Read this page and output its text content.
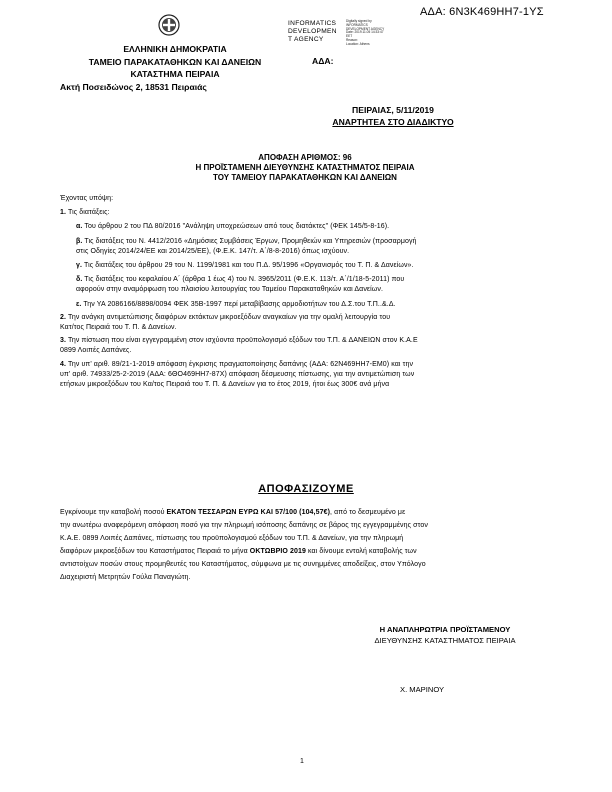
ΑΔΑ: 6Ν3Κ469ΗΗ7-1ΥΣ
INFORMATICS
DEVELOPMEN
T AGENCY
Digitally signed by
INFORMATICS
DEVELOPMENT AGENCY
Date: 2019.11.05 14:33:47
EET
Reason:
Location: Athens
ΕΛΛΗΝΙΚΗ ΔΗΜΟΚΡΑΤΙΑ
ΤΑΜΕΙΟ ΠΑΡΑΚΑΤΑΘΗΚΩΝ ΚΑΙ ΔΑΝΕΙΩΝ
ΚΑΤΑΣΤΗΜΑ ΠΕΙΡΑΙΑ
Ακτή Ποσειδώνος 2, 18531 Πειραιάς
ΑΔΑ:
ΠΕΙΡΑΙΑΣ, 5/11/2019
ΑΝΑΡΤΗΤΕΑ ΣΤΟ ΔΙΑΔΙΚΤΥΟ
ΑΠΟΦΑΣΗ ΑΡΙΘΜΟΣ: 96
Η ΠΡΟΪΣΤΑΜΕΝΗ ΔΙΕΥΘΥΝΣΗΣ ΚΑΤΑΣΤΗΜΑΤΟΣ ΠΕΙΡΑΙΑ
ΤΟΥ ΤΑΜΕΙΟΥ ΠΑΡΑΚΑΤΑΘΗΚΩΝ ΚΑΙ ΔΑΝΕΙΩΝ

Έχοντας υπόψη:

1. Τις διατάξεις:

α. Του άρθρου 2 του ΠΔ 80/2016 "Ανάληψη υποχρεώσεων από τους διατάκτες" (ΦΕΚ 145/5-8-16).

β. Τις διατάξεις του Ν. 4412/2016 «Δημόσιες Συμβάσεις Έργων, Προμηθειών και Υπηρεσιών (προσαρμογή

στις Οδηγίες 2014/24/ΕΕ και 2014/25/ΕΕ), (Φ.Ε.Κ. 147/τ. Α΄/8-8-2016) όπως ισχύουν.

γ. Τις διατάξεις του άρθρου 29 του Ν. 1199/1981 και του Π.Δ. 95/1996 «Οργανισμός του Τ. Π. & Δανείων».

δ. Τις διατάξεις του κεφαλαίου Α΄ (άρθρα 1 έως 4) του Ν. 3965/2011 (Φ.Ε.Κ. 113/τ. Α΄/1/18-5-2011) που

αφορούν στην αναμόρφωση του πλαισίου λειτουργίας του Ταμείου Παρακαταθηκών και Δανείων.

ε. Την ΥΑ 2086166/8898/0094 ΦΕΚ 35Β-1997 περί μεταβίβασης αρμοδιοτήτων του Δ.Σ.του Τ.Π..&.Δ.

2. Την ανάγκη αντιμετώπισης διαφόρων εκτάκτων μικροεξόδων αναγκαίων για την ομαλή λειτουργία του

Κατ/τος Πειραιά του Τ. Π. & Δανείων.

3. Την πίστωση που είναι εγγεγραμμένη στον ισχύοντα προϋπολογισμό εξόδων του Τ.Π. & ΔΑΝΕΙΩΝ στον Κ.Α.Ε

0899 Λοιπές Δαπάνες.

4. Την υπ' αριθ. 89/21-1-2019 απόφαση έγκρισης πραγματοποίησης δαπάνης (ΑΔΑ: 62Ν469ΗΗ7-ΕΜ0) και την

υπ' αριθ. 74933/25-2-2019 (ΑΔΑ: 6ΘΟ469ΗΗ7-87Χ) απόφαση δέσμευσης πίστωσης, για την αντιμετώπιση των

ετήσιων μικροεξόδων του Κα/τος Πειραιά του Τ. Π. & Δανείων για το έτος 2019, ήτοι έως 300€ ανά μήνα

ΑΠΟΦΑΣΙΖΟΥΜΕ

Εγκρίνουμε την καταβολή ποσού ΕΚΑΤΟΝ ΤΕΣΣΑΡΩΝ ΕΥΡΩ ΚΑΙ 57/100 (104,57€), από το δεσμευμένο με

την ανωτέρω αναφερόμενη απόφαση ποσό για την πληρωμή ισόποσης δαπάνης σε βάρος της εγγεγραμμένης στον

Κ.Α.Ε. 0899 Λοιπές Δαπάνες, πίστωσης του προϋπολογισμού εξόδων του Τ.Π. & Δανείων, για την πληρωμή

διαφόρων μικροεξόδων του Καταστήματος Πειραιά το μήνα ΟΚΤΩΒΡΙΟ 2019 και δίνουμε εντολή καταβολής των

αντιστοίχων ποσών στους προμηθευτές του Καταστήματος, σύμφωνα με τις συνημμένες αποδείξεις, στον Υπόλογο

Διαχειριστή Μετρητών Γούλα Παναγιώτη.

Η ΑΝΑΠΛΗΡΩΤΡΙΑ ΠΡΟΪΣΤΑΜΕΝΟΥ
ΔΙΕΥΘΥΝΣΗΣ ΚΑΤΑΣΤΗΜΑΤΟΣ ΠΕΙΡΑΙΑ
Χ. ΜΑΡΙΝΟΥ
1
